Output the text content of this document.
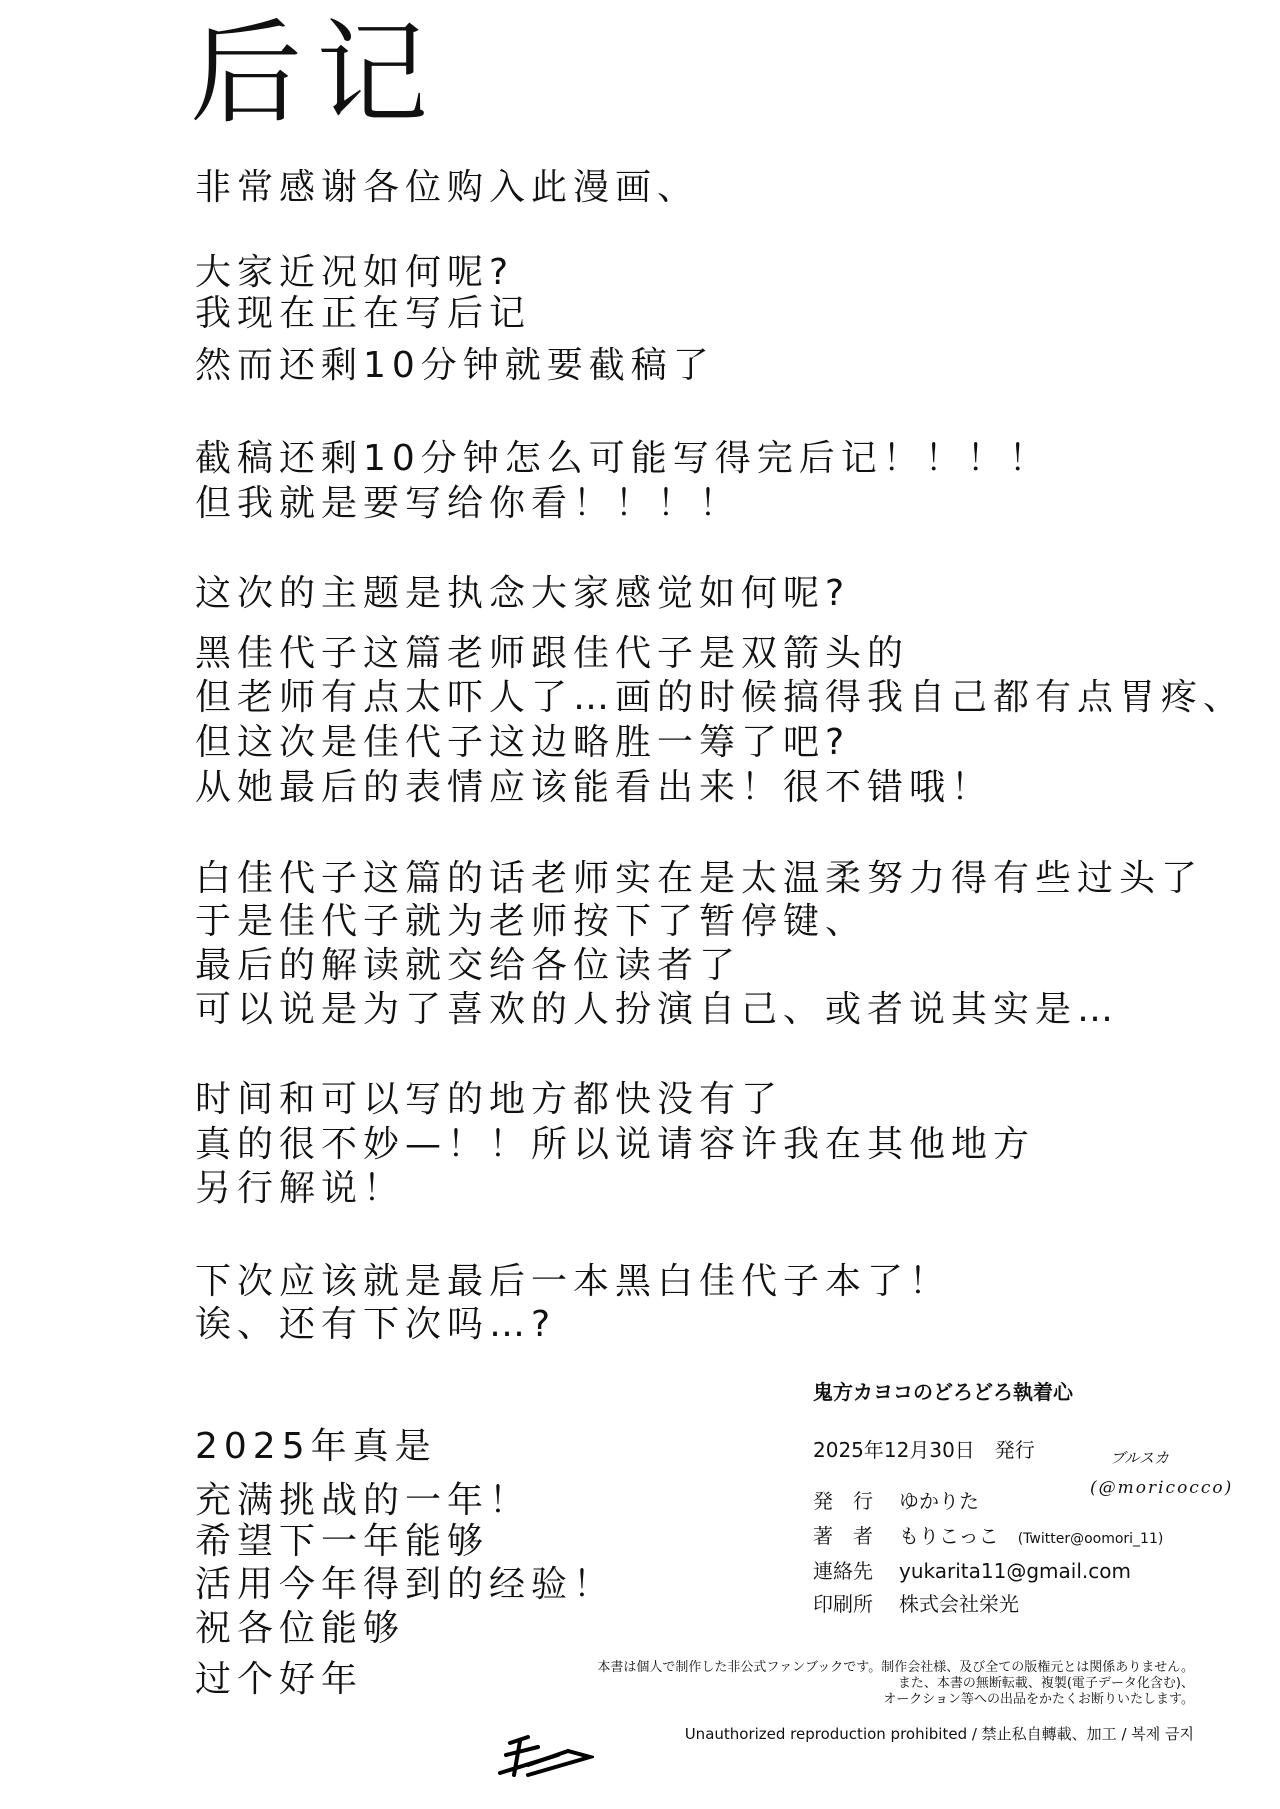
后记
非常感谢各位购入此漫画、
大家近况如何呢?
我现在正在写后记
然而还剩10分钟就要截稿了
截稿还剩10分钟怎么可能写得完后记！！！！
但我就是要写给你看！！！！
这次的主题是执念大家感觉如何呢?
黑佳代子这篇老师跟佳代子是双箭头的
但老师有点太吓人了…画的时候搞得我自己都有点胃疼、
但这次是佳代子这边略胜一筹了吧?
从她最后的表情应该能看出来！很不错哦！
白佳代子这篇的话老师实在是太温柔努力得有些过头了
于是佳代子就为老师按下了暂停键、
最后的解读就交给各位读者了
可以说是为了喜欢的人扮演自己、或者说其实是…
时间和可以写的地方都快没有了
真的很不妙—！！所以说请容许我在其他地方
另行解说！
下次应该就是最后一本黑白佳代子本了！
诶、还有下次吗…?
2025年真是
充满挑战的一年！
希望下一年能够
活用今年得到的经验！
祝各位能够
过个好年
鬼方カヨコのどろどろ執着心
2025年12月30日　発行
発　行 ゆかりた
著　者 もりこっこ (Twitter@oomori_11)
連絡先 yukarita11@gmail.com
印刷所 株式会社栄光
ブルスカ
(@moricocco)
本書は個人で制作した非公式ファンブックです。制作会社様、及び全ての版権元とは関係ありません。
また、本書の無断転載、複製(電子データ化含む)、
オークション等への出品をかたくお断りいたします。
Unauthorized reproduction prohibited / 禁止私自轉載、加工 / 복제 금지
